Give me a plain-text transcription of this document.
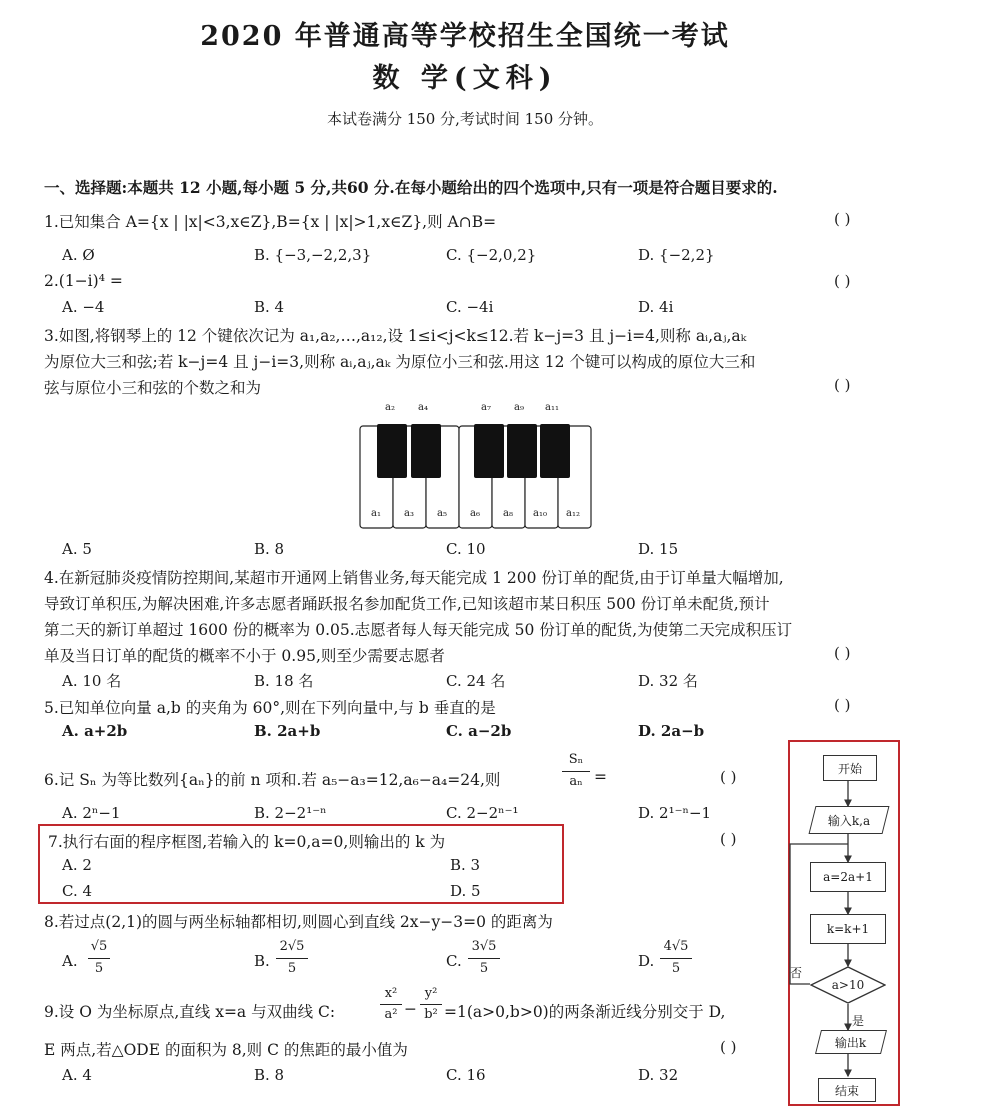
2020 年普通高等学校招生全国统一考试
数 学(文科)
本试卷满分 150 分,考试时间 150 分钟。
一、选择题:本题共 12 小题,每小题 5 分,共60 分.在每小题给出的四个选项中,只有一项是符合题目要求的.
1.已知集合 A={x | |x|<3,x∈Z},B={x | |x|>1,x∈Z},则 A∩B=	( )
A. Ø	B. {−3,−2,2,3}	C. {−2,0,2}	D. {−2,2}
2.(1−i)⁴ =	( )
A. −4	B. 4	C. −4i	D. 4i
3.如图,将钢琴上的 12 个键依次记为 a₁,a₂,…,a₁₂,设 1≤i<j<k≤12.若 k−j=3 且 j−i=4,则称 aᵢ,aⱼ,aₖ
为原位大三和弦;若 k−j=4 且 j−i=3,则称 aᵢ,aⱼ,aₖ 为原位小三和弦.用这 12 个键可以构成的原位大三和
弦与原位小三和弦的个数之和为	( )
a₂ a₄	a₇ a₉ a₁₁
a₁ a₃ a₅ a₆ a₈ a₁₀ a₁₂
A. 5	B. 8	C. 10	D. 15
4.在新冠肺炎疫情防控期间,某超市开通网上销售业务,每天能完成 1 200 份订单的配货,由于订单量大幅增加,
导致订单积压,为解决困难,许多志愿者踊跃报名参加配货工作,已知该超市某日积压 500 份订单未配货,预计
第二天的新订单超过 1600 份的概率为 0.05.志愿者每人每天能完成 50 份订单的配货,为使第二天完成积压订
单及当日订单的配货的概率不小于 0.95,则至少需要志愿者	( )
A. 10 名	B. 18 名	C. 24 名	D. 32 名
5.已知单位向量 a,b 的夹角为 60°,则在下列向量中,与 b 垂直的是	( )
A. a+2b	B. 2a+b	C. a−2b	D. 2a−b
6.记 Sₙ 为等比数列{aₙ}的前 n 项和.若 a₅−a₃=12,a₆−a₄=24,则
Sₙ
aₙ =	( )
A. 2ⁿ−1	B. 2−2¹⁻ⁿ	C. 2−2ⁿ⁻¹	D. 2¹⁻ⁿ−1
7.执行右面的程序框图,若输入的 k=0,a=0,则输出的 k 为	( )
A. 2	B. 3
C. 4	D. 5
8.若过点(2,1)的圆与两坐标轴都相切,则圆心到直线 2x−y−3=0 的距离为
A.
√5
5	B.
2√5
5	C.
3√5
5	D.
4√5
5
9.设 O 为坐标原点,直线 x=a 与双曲线 C:
x²
a² −
y²
b² =1(a>0,b>0)的两条渐近线分别交于 D,
E 两点,若△ODE 的面积为 8,则 C 的焦距的最小值为	( )
A. 4	B. 8	C. 16	D. 32
开始
输入k,a
a=2a+1
k=k+1
a>10
否
是
输出k
结束
